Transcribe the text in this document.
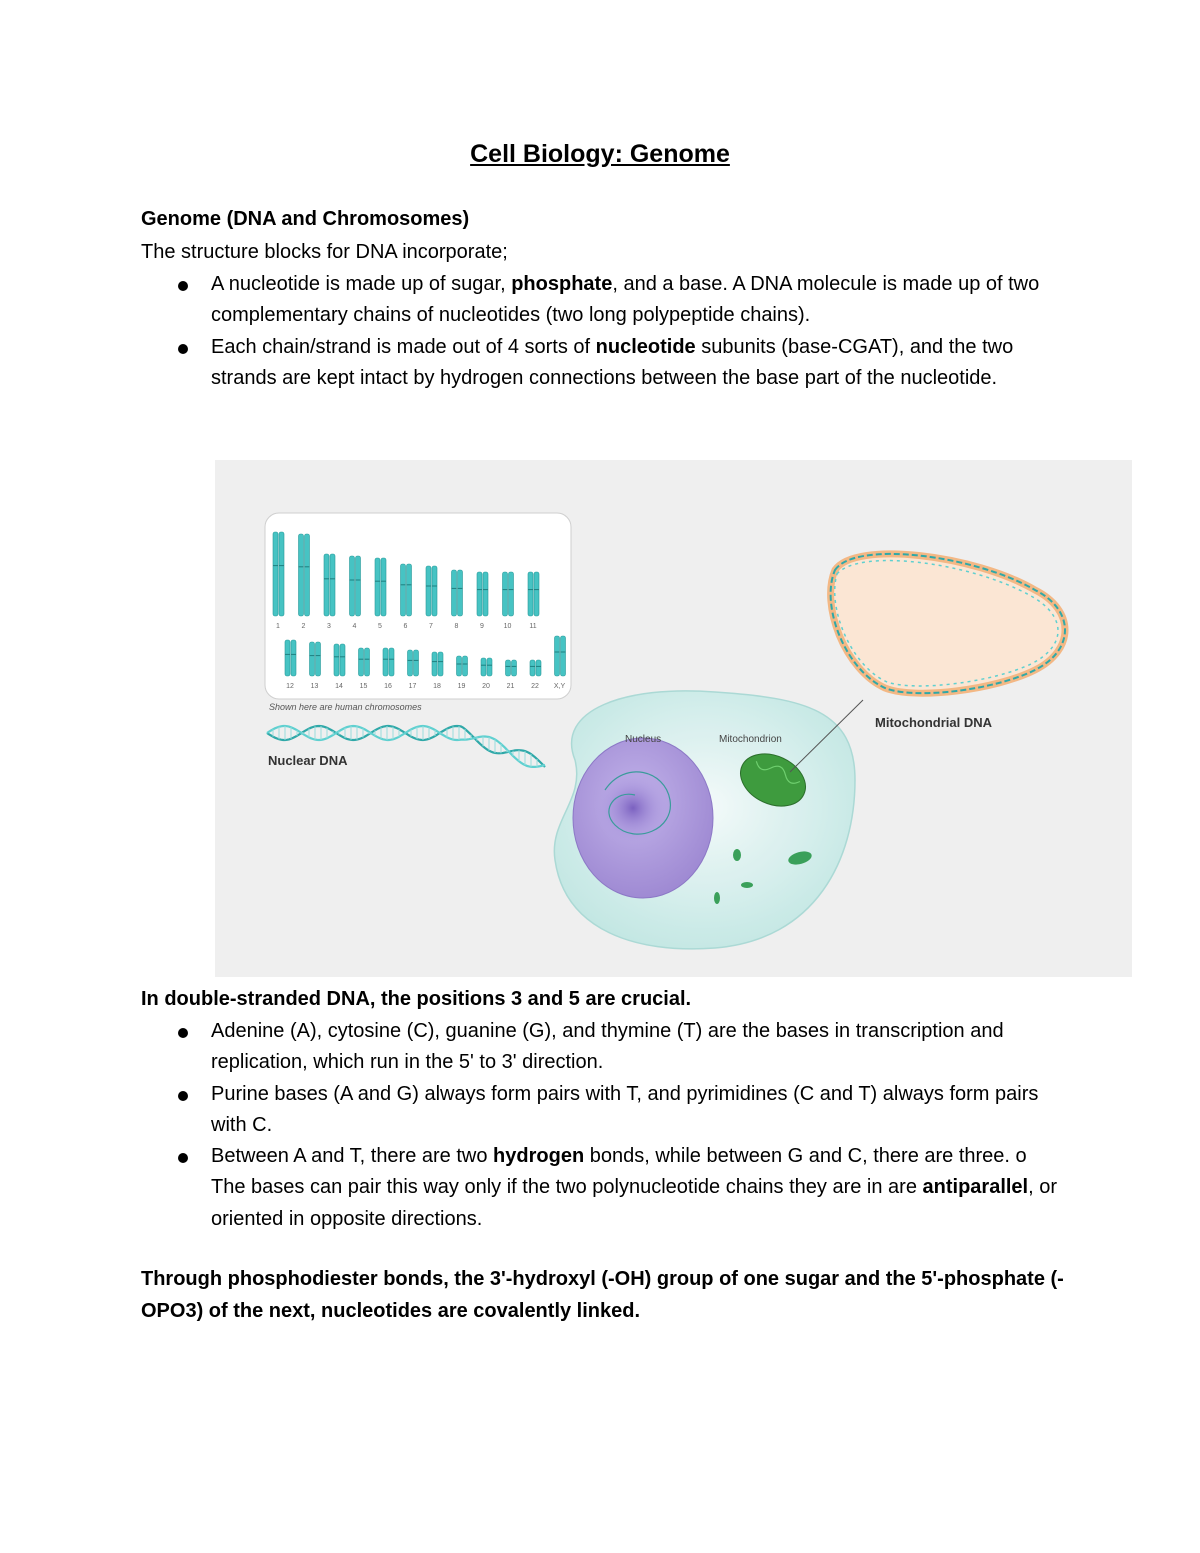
Cell Biology: Genome
Genome (DNA and Chromosomes)

The structure blocks for DNA incorporate;

A nucleotide is made up of sugar, phosphate, and a base. A DNA molecule is made up of two complementary chains of nucleotides (two long polypeptide chains).
Each chain/strand is made out of 4 sorts of nucleotide subunits (base-CGAT), and the two strands are kept intact by hydrogen connections between the base part of the nucleotide.
1	2	3	4	5	6	7	8	9	10	11
12 13 14 15 16 17 18 19 20 21 22 X,Y
Shown here are human chromosomes
Nuclear DNA
Nucleus	Mitochondrion
Mitochondrial DNA
In double-stranded DNA, the positions 3 and 5 are crucial.
Adenine (A), cytosine (C), guanine (G), and thymine (T) are the bases in transcription and replication, which run in the 5' to 3' direction.
Purine bases (A and G) always form pairs with T, and pyrimidines (C and T) always form pairs with C.
Between A and T, there are two hydrogen bonds, while between G and C, there are three. o The bases can pair this way only if the two polynucleotide chains they are in are antiparallel, or oriented in opposite directions.

Through phosphodiester bonds, the 3'-hydroxyl (-OH) group of one sugar and the 5'-phosphate (-OPO3) of the next, nucleotides are covalently linked.
